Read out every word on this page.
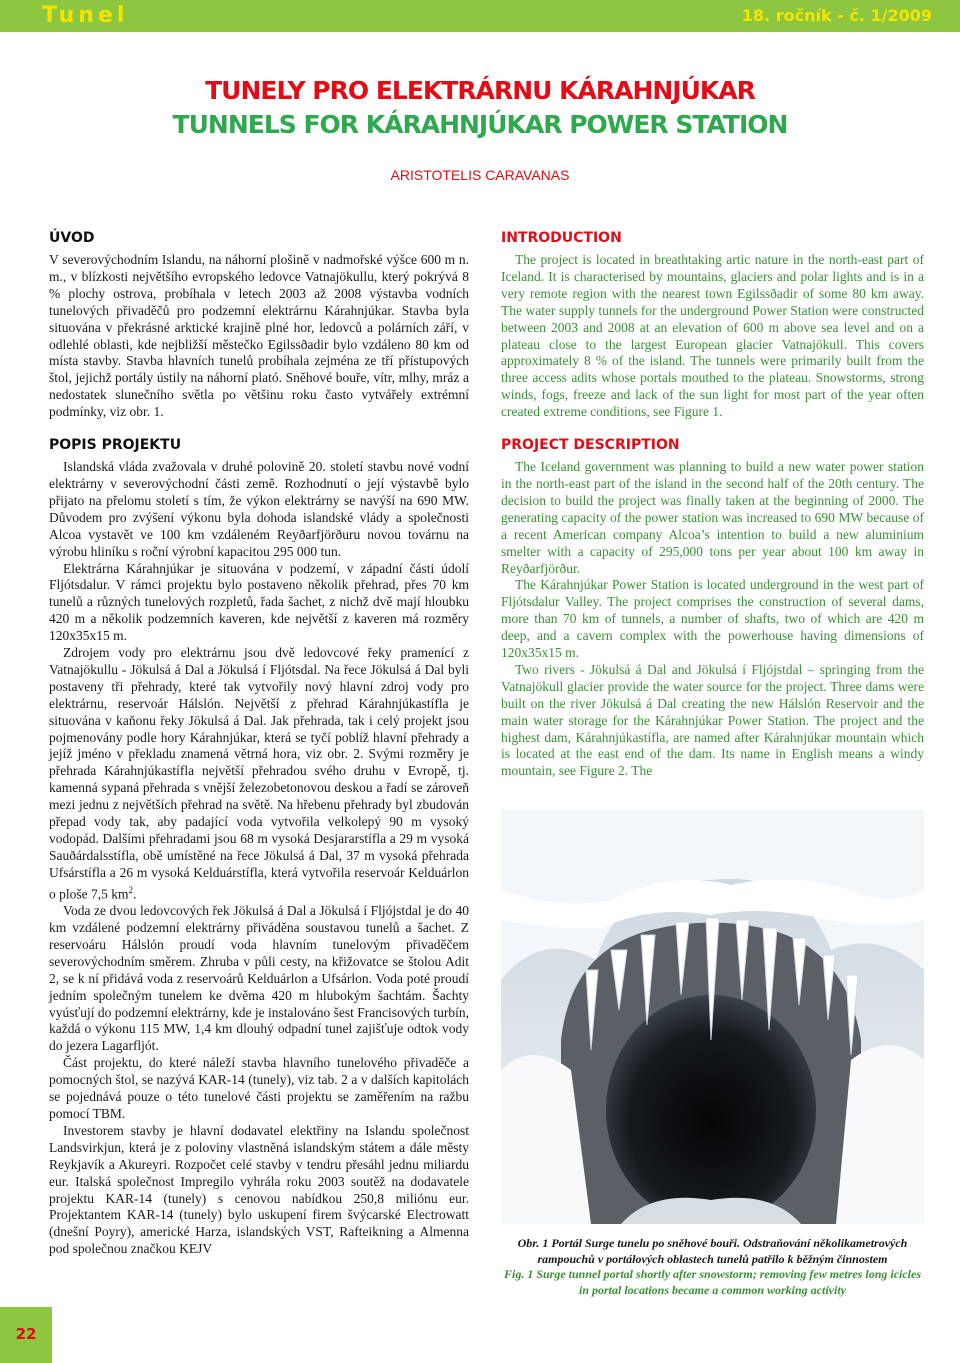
Tunel	18. ročník - č. 1/2009
TUNELY PRO ELEKTRÁRNU KÁRAHNJÚKAR
TUNNELS FOR KÁRAHNJÚKAR POWER STATION
ARISTOTELIS CARAVANAS
ÚVOD

V severovýchodním Islandu, na náhorní plošině v nadmořské výšce 600 m n. m., v blízkosti největšího evropského ledovce Vatnajökullu, který pokrývá 8 % plochy ostrova, probíhala v letech 2003 až 2008 výstavba vodních tunelových přivaděčů pro podzemní elektrárnu Kárahnjúkar. Stavba byla situována v překrásné arktické krajině plné hor, ledovců a polárních září, v odlehlé oblasti, kde nejbližší městečko Egilssðadir bylo vzdáleno 80 km od místa stavby. Stavba hlavních tunelů probíhala zejména ze tří přístupových štol, jejichž portály ústily na náhorní plató. Sněhové bouře, vítr, mlhy, mráz a nedostatek slunečního světla po většinu roku často vytvářely extrémní podmínky, viz obr. 1.

POPIS PROJEKTU

Islandská vláda zvažovala v druhé polovině 20. století stavbu nové vodní elektrárny v severovýchodní části země. Rozhodnutí o její výstavbě bylo přijato na přelomu století s tím, že výkon elektrárny se navýší na 690 MW. Důvodem pro zvýšení výkonu byla dohoda islandské vlády a společnosti Alcoa vystavět ve 100 km vzdáleném Reyðarfjörðuru novou továrnu na výrobu hliníku s roční výrobní kapacitou 295 000 tun.

Elektrárna Kárahnjúkar je situována v podzemí, v západní části údolí Fljótsdalur. V rámci projektu bylo postaveno několik přehrad, přes 70 km tunelů a různých tunelových rozpletů, řada šachet, z nichž dvě mají hloubku 420 m a několik podzemních kaveren, kde největší z kaveren má rozměry 120x35x15 m.

Zdrojem vody pro elektrárnu jsou dvě ledovcové řeky pramenící z Vatnajökullu - Jökulsá á Dal a Jökulsá í Fljótsdal. Na řece Jökulsá á Dal byli postaveny tři přehrady, které tak vytvořily nový hlavní zdroj vody pro elektrárnu, reservoár Hálslón. Největší z přehrad Kárahnjúkastífla je situována v kaňonu řeky Jökulsá á Dal. Jak přehrada, tak i celý projekt jsou pojmenovány podle hory Kárahnjúkar, která se tyčí poblíž hlavní přehrady a jejíž jméno v překladu znamená větrná hora, viz obr. 2. Svými rozměry je přehrada Kárahnjúkastífla největší přehradou svého druhu v Evropě, tj. kamenná sypaná přehrada s vnější železobetonovou deskou a řadí se zároveň mezi jednu z největších přehrad na světě. Na hřebenu přehrady byl zbudován přepad vody tak, aby padající voda vytvořila velkolepý 90 m vysoký vodopád. Dalšími přehradami jsou 68 m vysoká Desjararstífla a 29 m vysoká Sauðárdalsstífla, obě umístěné na řece Jökulsá á Dal, 37 m vysoká přehrada Ufsárstífla a 26 m vysoká Kelduárstífla, která vytvořila reservoár Kelduárlon o ploše 7,5 $km^2$.

Voda ze dvou ledovcových řek Jökulsá á Dal a Jökulsá í Fljójstdal je do 40 km vzdálené podzemní elektrárny přiváděna soustavou tunelů a šachet. Z reservoáru Hálslón proudí voda hlavním tunelovým přivaděčem severovýchodním směrem. Zhruba v půli cesty, na křižovatce se štolou Adit 2, se k ní přidává voda z reservoárů Kelduárlon a Ufsárlon. Voda poté proudí jedním společným tunelem ke dvěma 420 m hlubokým šachtám. Šachty vyúsťují do podzemní elektrárny, kde je instalováno šest Francisových turbín, každá o výkonu 115 MW, 1,4 km dlouhý odpadní tunel zajišťuje odtok vody do jezera Lagarfljót.

Část projektu, do které náleží stavba hlavního tunelového přivaděče a pomocných štol, se nazývá KAR-14 (tunely), viz tab. 2 a v dalších kapitolách se pojednává pouze o této tunelové části projektu se zaměřením na ražbu pomocí TBM.

Investorem stavby je hlavní dodavatel elektřiny na Islandu společnost Landsvirkjun, která je z poloviny vlastněná islandským státem a dále městy Reykjavík a Akureyri. Rozpočet celé stavby v tendru přesáhl jednu miliardu eur. Italská společnost Impregilo vyhrála roku 2003 soutěž na dodavatele projektu KAR-14 (tunely) s cenovou nabídkou 250,8 miliónu eur. Projektantem KAR-14 (tunely) bylo uskupení firem švýcarské Electrowatt (dnešní Poyry), americké Harza, islandských VST, Rafteikning a Almenna pod společnou značkou KEJV

INTRODUCTION

The project is located in breathtaking artic nature in the north-east part of Iceland. It is characterised by mountains, glaciers and polar lights and is in a very remote region with the nearest town Egilssðadir of some 80 km away. The water supply tunnels for the underground Power Station were constructed between 2003 and 2008 at an elevation of 600 m above sea level and on a plateau close to the largest European glacier Vatnajökull. This covers approximately 8 % of the island. The tunnels were primarily built from the three access adits whose portals mouthed to the plateau. Snowstorms, strong winds, fogs, freeze and lack of the sun light for most part of the year often created extreme conditions, see Figure 1.

PROJECT DESCRIPTION

The Iceland government was planning to build a new water power station in the north-east part of the island in the second half of the 20th century. The decision to build the project was finally taken at the beginning of 2000. The generating capacity of the power station was increased to 690 MW because of a recent American company Alcoa’s intention to build a new aluminium smelter with a capacity of 295,000 tons per year about 100 km away in Reyðarfjörður.

The Kárahnjúkar Power Station is located underground in the west part of Fljótsdalur Valley. The project comprises the construction of several dams, more than 70 km of tunnels, a number of shafts, two of which are 420 m deep, and a cavern complex with the powerhouse having dimensions of 120x35x15 m.

Two rivers - Jökulsá á Dal and Jökulsá í Fljójstdal – springing from the Vatnajökull glacier provide the water source for the project. Three dams were built on the river Jökulsá á Dal creating the new Hálslón Reservoir and the main water storage for the Kárahnjúkar Power Station. The project and the highest dam, Kárahnjúkastífla, are named after Kárahnjúkar mountain which is located at the east end of the dam. Its name in English means a windy mountain, see Figure 2. The

Obr. 1 Portál Surge tunelu po sněhové bouři. Odstraňování několikametrových rampouchů v portálových oblastech tunelů patřilo k běžným činnostem
Fig. 1 Surge tunnel portal shortly after snowstorm; removing few metres long icicles in portal locations became a common working activity
22
